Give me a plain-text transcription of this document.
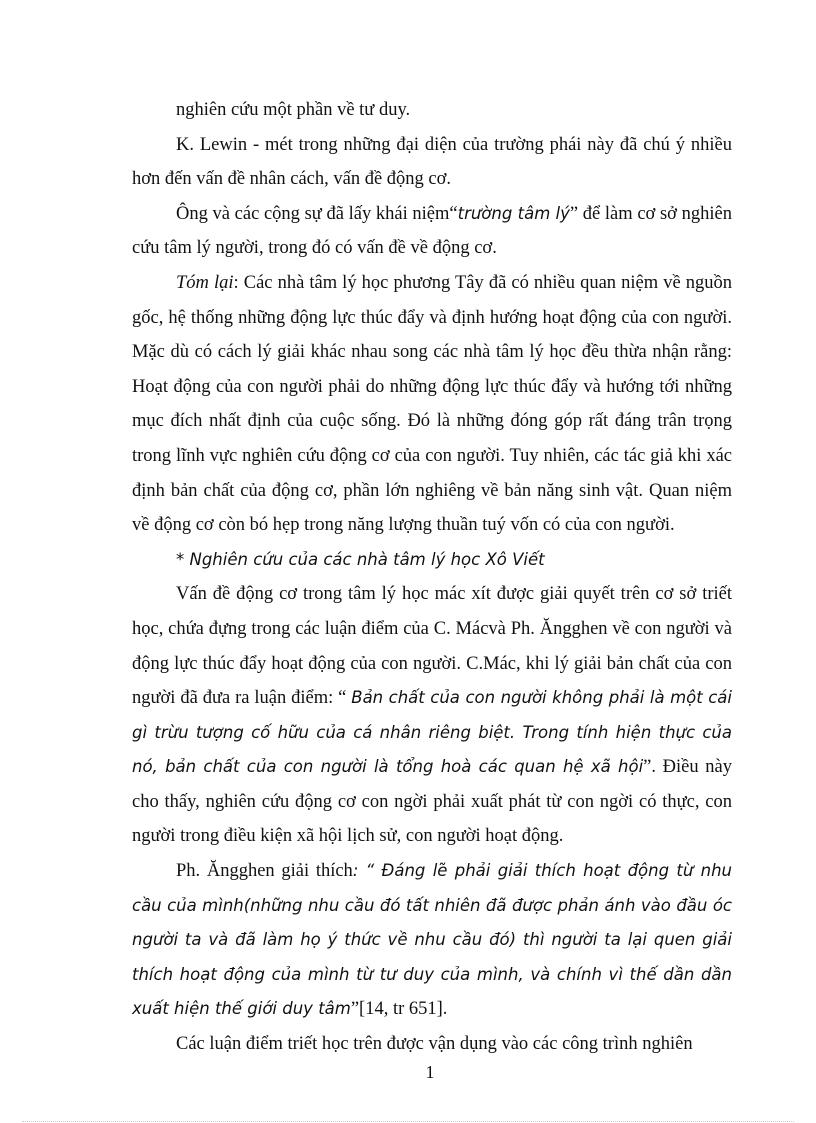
nghiên cứu một phần về tư duy.

K. Lewin - mét trong những đại diện của trường phái này đã chú ý nhiều hơn đến vấn đề nhân cách, vấn đề động cơ.

Ông và các cộng sự đã lấy khái niệm“trường tâm lý” để làm cơ sở nghiên cứu tâm lý người, trong đó có vấn đề về động cơ.

Tóm lại: Các nhà tâm lý học phương Tây đã có nhiều quan niệm về nguồn gốc, hệ thống những động lực thúc đẩy và định hướng hoạt động của con người. Mặc dù có cách lý giải khác nhau song các nhà tâm lý học đều thừa nhận rằng: Hoạt động của con người phải do những động lực thúc đẩy và hướng tới những mục đích nhất định của cuộc sống. Đó là những đóng góp rất đáng trân trọng trong lĩnh vực nghiên cứu động cơ của con người. Tuy nhiên, các tác giả khi xác định bản chất của động cơ, phần lớn nghiêng về bản năng sinh vật. Quan niệm về động cơ còn bó hẹp trong năng lượng thuần tuý vốn có của con người.

* Nghiên cứu của các nhà tâm lý học Xô Viết

Vấn đề động cơ trong tâm lý học mác xít được giải quyết trên cơ sở triết học, chứa đựng trong các luận điểm của C. Mácvà Ph. Ăngghen về con người và động lực thúc đẩy hoạt động của con người. C.Mác, khi lý giải bản chất của con người đã đưa ra luận điểm: “ Bản chất của con người không phải là một cái gì trừu tượng cố hữu của cá nhân riêng biệt. Trong tính hiện thực của nó, bản chất của con người là tổng hoà các quan hệ xã hội”. Điều này cho thấy, nghiên cứu động cơ con ngời phải xuất phát từ con ngời có thực, con người trong điều kiện xã hội lịch sử, con người hoạt động.

Ph. Ăngghen giải thích: “ Đáng lẽ phải giải thích hoạt động từ nhu cầu của mình(những nhu cầu đó tất nhiên đã được phản ánh vào đầu óc người ta và đã làm họ ý thức về nhu cầu đó) thì người ta lại quen giải thích hoạt động của mình từ tư duy của mình, và chính vì thế dần dần xuất hiện thế giới duy tâm”[14, tr 651].

Các luận điểm triết học trên được vận dụng vào các công trình nghiên

1
